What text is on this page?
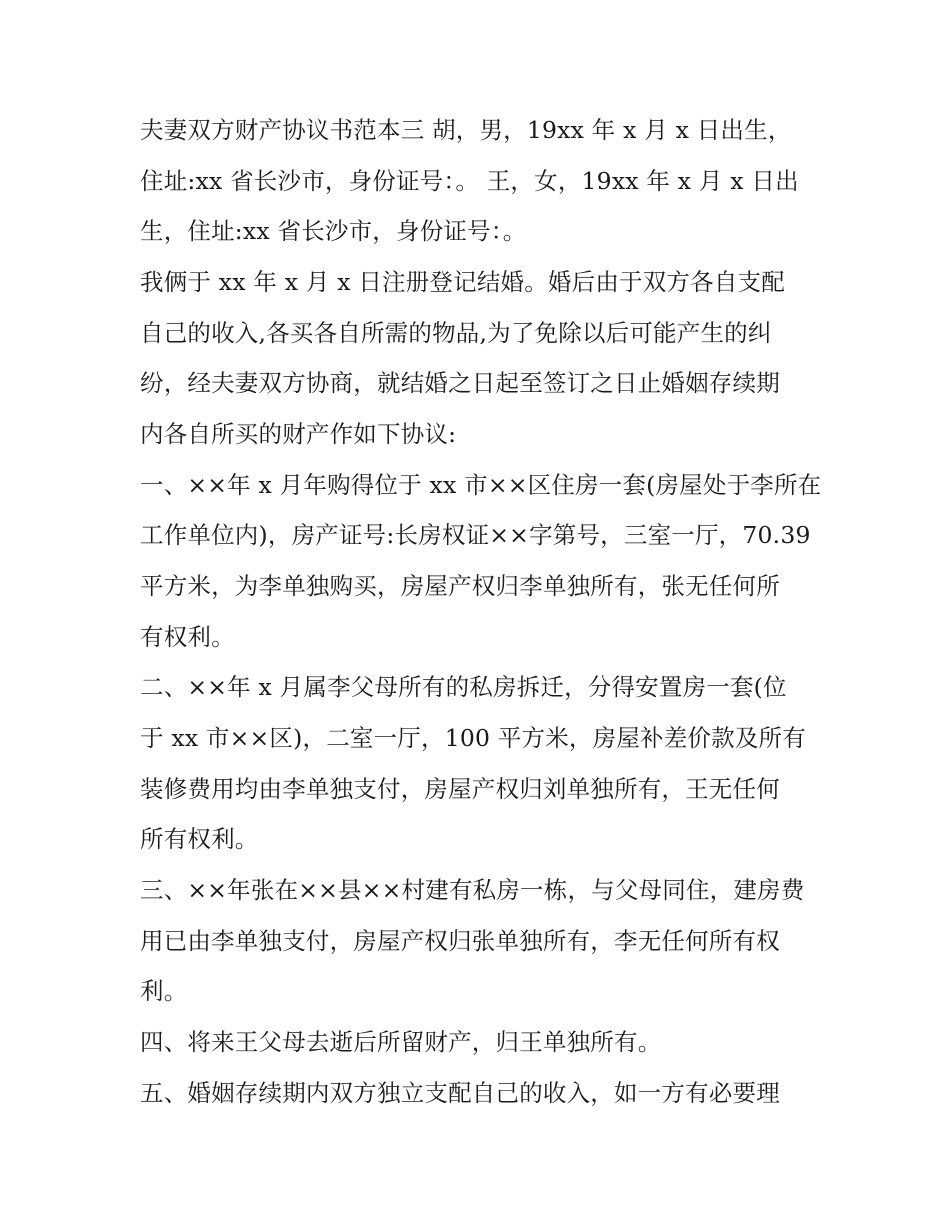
夫妻双方财产协议书范本三 胡，男，19xx 年 x 月 x 日出生，
住址:xx 省长沙市，身份证号：。 王，女，19xx 年 x 月 x 日出
生，住址:xx 省长沙市，身份证号：。
我俩于 xx 年 x 月 x 日注册登记结婚。婚后由于双方各自支配
自己的收入,各买各自所需的物品,为了免除以后可能产生的纠
纷，经夫妻双方协商，就结婚之日起至签订之日止婚姻存续期
内各自所买的财产作如下协议:
一、××年 x 月年购得位于 xx 市××区住房一套(房屋处于李所在
工作单位内)，房产证号:长房权证××字第号，三室一厅，70.39
平方米，为李单独购买，房屋产权归李单独所有，张无任何所
有权利。
二、××年 x 月属李父母所有的私房拆迁，分得安置房一套(位
于 xx 市××区)，二室一厅，100 平方米，房屋补差价款及所有
装修费用均由李单独支付，房屋产权归刘单独所有，王无任何
所有权利。
三、××年张在××县××村建有私房一栋，与父母同住，建房费
用已由李单独支付，房屋产权归张单独所有，李无任何所有权
利。
四、将来王父母去逝后所留财产，归王单独所有。
五、婚姻存续期内双方独立支配自己的收入，如一方有必要理
